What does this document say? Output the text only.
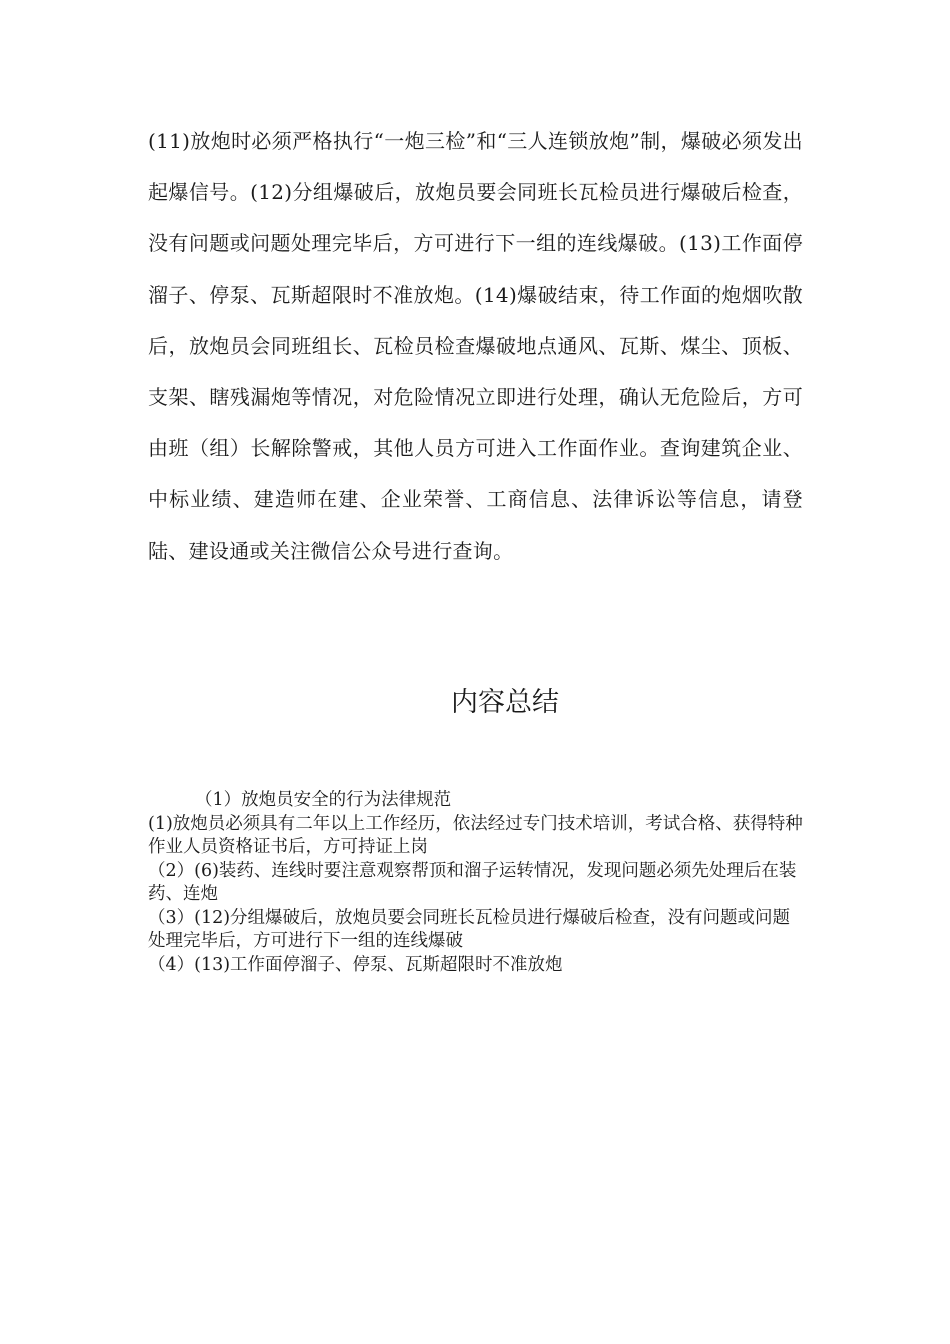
(11)放炮时必须严格执行“一炮三检”和“三人连锁放炮”制，爆破必须发出起爆信号。(12)分组爆破后，放炮员要会同班长瓦检员进行爆破后检查，没有问题或问题处理完毕后，方可进行下一组的连线爆破。(13)工作面停溜子、停泵、瓦斯超限时不准放炮。(14)爆破结束，待工作面的炮烟吹散后，放炮员会同班组长、瓦检员检查爆破地点通风、瓦斯、煤尘、顶板、支架、瞎残漏炮等情况，对危险情况立即进行处理，确认无危险后，方可由班（组）长解除警戒，其他人员方可进入工作面作业。查询建筑企业、中标业绩、建造师在建、企业荣誉、工商信息、法律诉讼等信息，请登陆、建设通或关注微信公众号进行查询。

内容总结
（1）放炮员安全的行为法律规范
(1)放炮员必须具有二年以上工作经历，依法经过专门技术培训，考试合格、获得特种作业人员资格证书后，方可持证上岗
（2）(6)装药、连线时要注意观察帮顶和溜子运转情况，发现问题必须先处理后在装药、连炮
（3）(12)分组爆破后，放炮员要会同班长瓦检员进行爆破后检查，没有问题或问题处理完毕后，方可进行下一组的连线爆破
（4）(13)工作面停溜子、停泵、瓦斯超限时不准放炮
